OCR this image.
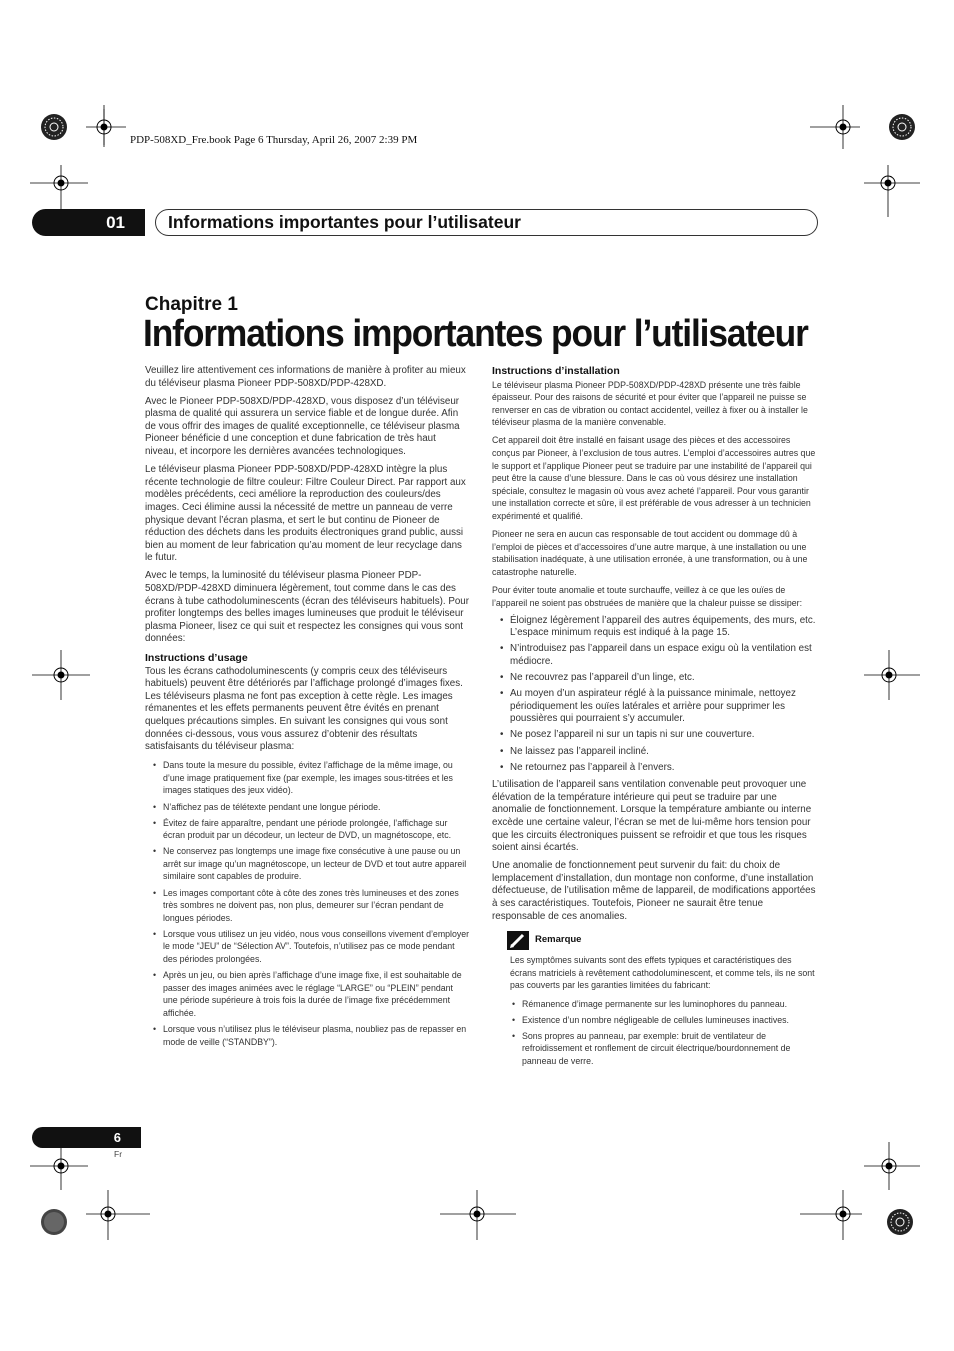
PDP-508XD_Fre.book Page 6 Thursday, April 26, 2007 2:39 PM
01	Informations importantes pour l’utilisateur
Chapitre 1
Informations importantes pour l’utilisateur

Veuillez lire attentivement ces informations de manière à profiter au mieux du téléviseur plasma Pioneer PDP-508XD/PDP-428XD.

Avec le Pioneer PDP-508XD/PDP-428XD, vous disposez d’un téléviseur plasma de qualité qui assurera un service fiable et de longue durée. Afin de vous offrir des images de qualité exceptionnelle, ce téléviseur plasma Pioneer bénéficie d une conception et dune fabrication de très haut niveau, et incorpore les dernières avancées technologiques.

Le téléviseur plasma Pioneer PDP-508XD/PDP-428XD intègre la plus récente technologie de filtre couleur: Filtre Couleur Direct. Par rapport aux modèles précédents, ceci améliore la reproduction des couleurs/des images. Ceci élimine aussi la nécessité de mettre un panneau de verre physique devant l’écran plasma, et sert le but continu de Pioneer de réduction des déchets dans les produits électroniques grand public, aussi bien au moment de leur fabrication qu’au moment de leur recyclage dans le futur.

Avec le temps, la luminosité du téléviseur plasma Pioneer PDP-508XD/PDP-428XD diminuera légèrement, tout comme dans le cas des écrans à tube cathodoluminescents (écran des téléviseurs habituels). Pour profiter longtemps des belles images lumineuses que produit le téléviseur plasma Pioneer, lisez ce qui suit et respectez les consignes qui vous sont données:

Instructions d’usage

Tous les écrans cathodoluminescents (y compris ceux des téléviseurs habituels) peuvent être détériorés par l’affichage prolongé d’images fixes. Les téléviseurs plasma ne font pas exception à cette règle. Les images rémanentes et les effets permanents peuvent être évités en prenant quelques précautions simples. En suivant les consignes qui vous sont données ci-dessous, vous vous assurez d’obtenir des résultats satisfaisants du téléviseur plasma:

• Dans toute la mesure du possible, évitez l’affichage de la même image, ou d’une image pratiquement fixe (par exemple, les images sous-titrées et les images statiques des jeux vidéo).
• N’affichez pas de télétexte pendant une longue période.
• Évitez de faire apparaître, pendant une période prolongée, l’affichage sur écran produit par un décodeur, un lecteur de DVD, un magnétoscope, etc.
• Ne conservez pas longtemps une image fixe consécutive à une pause ou un arrêt sur image qu’un magnétoscope, un lecteur de DVD et tout autre appareil similaire sont capables de produire.
• Les images comportant côte à côte des zones très lumineuses et des zones très sombres ne doivent pas, non plus, demeurer sur l’écran pendant de longues périodes.
• Lorsque vous utilisez un jeu vidéo, nous vous conseillons vivement d’employer le mode “JEU” de “Sélection AV”. Toutefois, n’utilisez pas ce mode pendant des périodes prolongées.
• Après un jeu, ou bien après l’affichage d’une image fixe, il est souhaitable de passer des images animées avec le réglage “LARGE” ou “PLEIN” pendant une période supérieure à trois fois la durée de l’image fixe précédemment affichée.
• Lorsque vous n’utilisez plus le téléviseur plasma, noubliez pas de repasser en mode de veille (“STANDBY”).
Instructions d’installation

Le téléviseur plasma Pioneer PDP-508XD/PDP-428XD présente une très faible épaisseur. Pour des raisons de sécurité et pour éviter que l’appareil ne puisse se renverser en cas de vibration ou contact accidentel, veillez à fixer ou à installer le téléviseur plasma de la manière convenable.

Cet appareil doit être installé en faisant usage des pièces et des accessoires conçus par Pioneer, à l’exclusion de tous autres. L’emploi d’accessoires autres que le support et l’applique Pioneer peut se traduire par une instabilité de l’appareil qui peut être la cause d’une blessure. Dans le cas où vous désirez une installation spéciale, consultez le magasin où vous avez acheté l’appareil. Pour vous garantir une installation correcte et sûre, il est préférable de vous adresser à un technicien expérimenté et qualifié.

Pioneer ne sera en aucun cas responsable de tout accident ou dommage dû à l’emploi de pièces et d’accessoires d’une autre marque, à une installation ou une stabilisation inadéquate, à une utilisation erronée, à une transformation, ou à une catastrophe naturelle.

Pour éviter toute anomalie et toute surchauffe, veillez à ce que les ouïes de l’appareil ne soient pas obstruées de manière que la chaleur puisse se dissiper:

• Éloignez légèrement l’appareil des autres équipements, des murs, etc. L’espace minimum requis est indiqué à la page 15.
• N’introduisez pas l’appareil dans un espace exigu où la ventilation est médiocre.
• Ne recouvrez pas l’appareil d’un linge, etc.
• Au moyen d’un aspirateur réglé à la puissance minimale, nettoyez périodiquement les ouïes latérales et arrière pour supprimer les poussières qui pourraient s’y accumuler.
• Ne posez l’appareil ni sur un tapis ni sur une couverture.
• Ne laissez pas l’appareil incliné.
• Ne retournez pas l’appareil à l’envers.

L’utilisation de l’appareil sans ventilation convenable peut provoquer une élévation de la température intérieure qui peut se traduire par une anomalie de fonctionnement. Lorsque la température ambiante ou interne excède une certaine valeur, l’écran se met de lui-même hors tension pour que les circuits électroniques puissent se refroidir et que tous les risques soient ainsi écartés.

Une anomalie de fonctionnement peut survenir du fait: du choix de lemplacement d’installation, dun montage non conforme, d’une installation défectueuse, de l’utilisation même de lappareil, de modifications apportées à ses caractéristiques. Toutefois, Pioneer ne saurait être tenue responsable de ces anomalies.

Remarque

Les symptômes suivants sont des effets typiques et caractéristiques des écrans matriciels à revêtement cathodoluminescent, et comme tels, ils ne sont pas couverts par les garanties limitées du fabricant:

• Rémanence d’image permanente sur les luminophores du panneau.
• Existence d’un nombre négligeable de cellules lumineuses inactives.
• Sons propres au panneau, par exemple: bruit de ventilateur de refroidissement et ronflement de circuit électrique/bourdonnement de panneau de verre.
6
Fr
